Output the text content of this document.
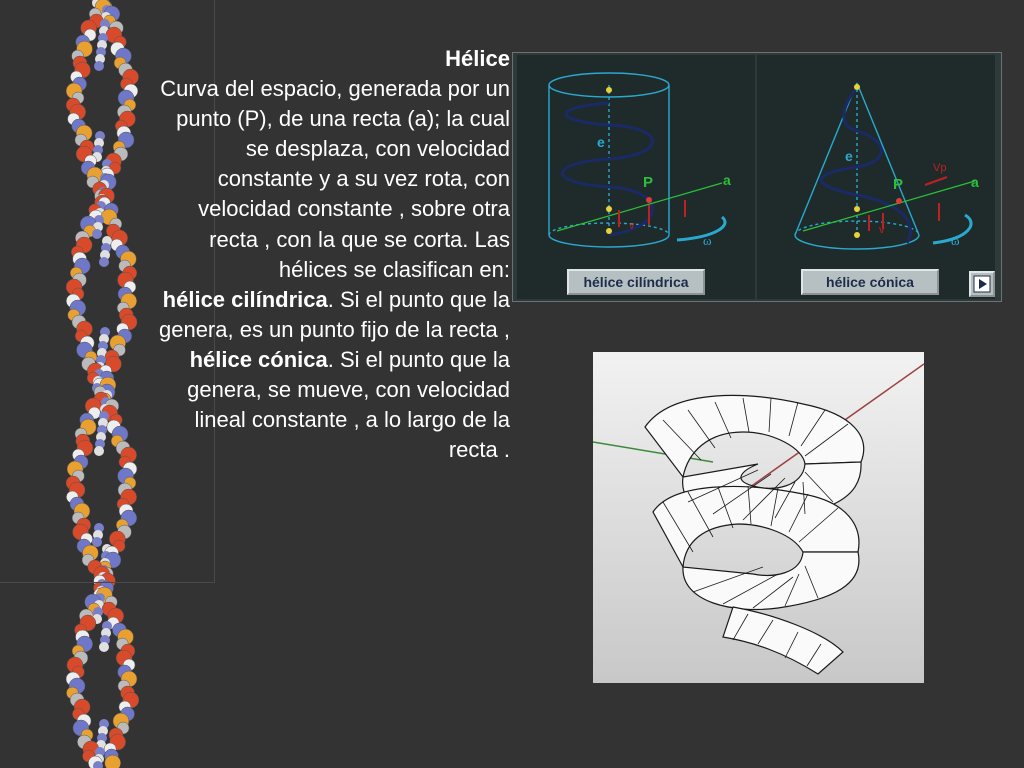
Hélice

Curva del espacio, generada por un punto (P), de una recta (a); la cual se desplaza, con velocidad constante y a su vez rota, con velocidad constante , sobre otra recta , con la que se corta. Las hélices se clasifican en:

hélice cilíndrica. Si el punto que la genera, es un punto fijo de la recta ,

hélice cónica. Si el punto que la genera, se mueve, con velocidad lineal constante , a lo largo de la recta .

e
P	a
v
ω
e
P	a
Vp
v
ω
hélice cilíndrica	hélice cónica
